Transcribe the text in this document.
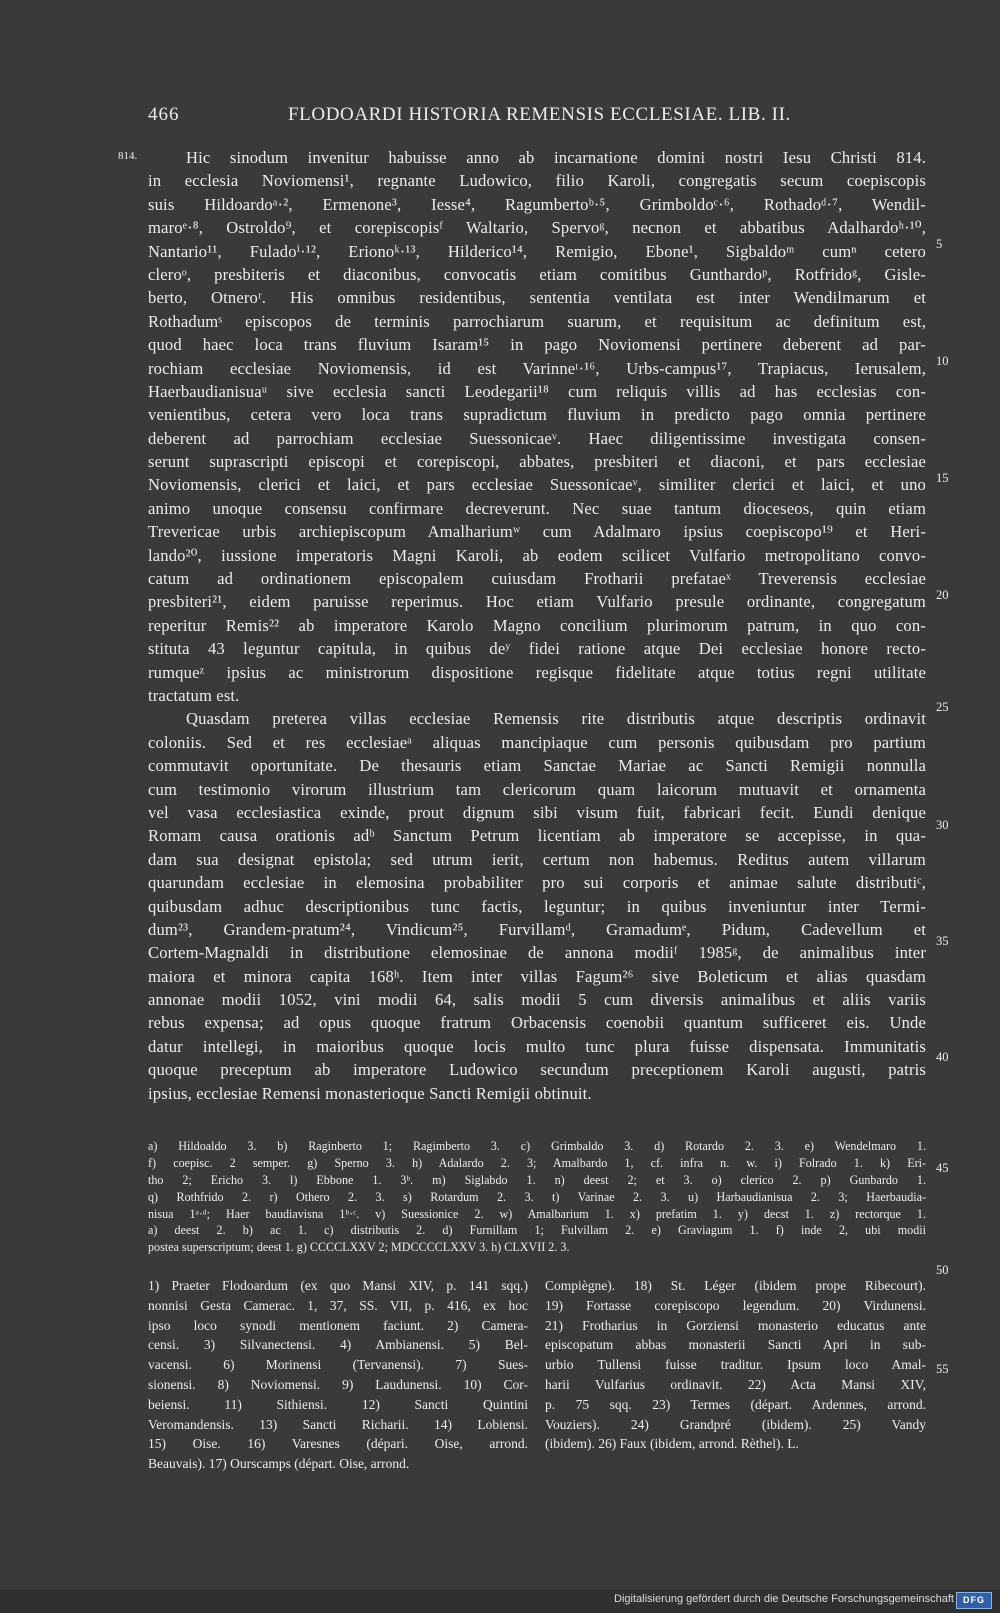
466	FLODOARDI HISTORIA REMENSIS ECCLESIAE. LIB. II.
814.	Hic sinodum invenitur habuisse anno ab incarnatione domini nostri Iesu Christi 814.
in ecclesia Noviomensi¹, regnante Ludowico, filio Karoli, congregatis secum coepiscopis
suis Hildoardoᵃ·², Ermenone³, Iesse⁴, Ragumbertoᵇ·⁵, Grimboldoᶜ·⁶, Rothadoᵈ·⁷, Wendil-
maroᵉ·⁸, Ostroldo⁹, et corepiscopisᶠ Waltario, Spervoᵍ, necnon et abbatibus Adalhardoʰ·¹⁰,
Nantario¹¹, Fuladoⁱ·¹², Erionoᵏ·¹³, Hilderico¹⁴, Remigio, Ebone¹, Sigbaldoᵐ cumⁿ cetero
cleroᵒ, presbiteris et diaconibus, convocatis etiam comitibus Gunthardoᵖ, Rotfridoᵍ, Gisle-
berto, Otneroʳ. His omnibus residentibus, sententia ventilata est inter Wendilmarum et
Rothadumˢ episcopos de terminis parrochiarum suarum, et requisitum ac definitum est,
quod haec loca trans fluvium Isaram¹⁵ in pago Noviomensi pertinere deberent ad par-
rochiam ecclesiae Noviomensis, id est Varinneᵗ·¹⁶, Urbs-campus¹⁷, Trapiacus, Ierusalem,
Haerbaudianisuaᵘ sive ecclesia sancti Leodegarii¹⁸ cum reliquis villis ad has ecclesias con-
venientibus, cetera vero loca trans supradictum fluvium in predicto pago omnia pertinere
deberent ad parrochiam ecclesiae Suessonicaeᵛ. Haec diligentissime investigata consen-
serunt suprascripti episcopi et corepiscopi, abbates, presbiteri et diaconi, et pars ecclesiae
Noviomensis, clerici et laici, et pars ecclesiae Suessonicaeᵛ, similiter clerici et laici, et uno
animo unoque consensu confirmare decreverunt. Nec suae tantum dioceseos, quin etiam
Trevericae urbis archiepiscopum Amalhariumʷ cum Adalmaro ipsius coepiscopo¹⁹ et Heri-
lando²⁰, iussione imperatoris Magni Karoli, ab eodem scilicet Vulfario metropolitano convo-
catum ad ordinationem episcopalem cuiusdam Frotharii prefataeˣ Treverensis ecclesiae
presbiteri²¹, eidem paruisse reperimus. Hoc etiam Vulfario presule ordinante, congregatum
reperitur Remis²² ab imperatore Karolo Magno concilium plurimorum patrum, in quo con-
stituta 43 leguntur capitula, in quibus deʸ fidei ratione atque Dei ecclesiae honore recto-
rumqueᶻ ipsius ac ministrorum dispositione regisque fidelitate atque totius regni utilitate
tractatum est.
Quasdam preterea villas ecclesiae Remensis rite distributis atque descriptis ordinavit
coloniis. Sed et res ecclesiaeᵃ aliquas mancipiaque cum personis quibusdam pro partium
commutavit oportunitate. De thesauris etiam Sanctae Mariae ac Sancti Remigii nonnulla
cum testimonio virorum illustrium tam clericorum quam laicorum mutuavit et ornamenta
vel vasa ecclesiastica exinde, prout dignum sibi visum fuit, fabricari fecit. Eundi denique
Romam causa orationis adᵇ Sanctum Petrum licentiam ab imperatore se accepisse, in qua-
dam sua designat epistola; sed utrum ierit, certum non habemus. Reditus autem villarum
quarundam ecclesiae in elemosina probabiliter pro sui corporis et animae salute distributiᶜ,
quibusdam adhuc descriptionibus tunc factis, leguntur; in quibus inveniuntur inter Termi-
dum²³, Grandem-pratum²⁴, Vindicum²⁵, Furvillamᵈ, Gramadumᵉ, Pidum, Cadevellum et
Cortem-Magnaldi in distributione elemosinae de annona modiiᶠ 1985ᵍ, de animalibus inter
maiora et minora capita 168ʰ. Item inter villas Fagum²⁶ sive Boleticum et alias quasdam
annonae modii 1052, vini modii 64, salis modii 5 cum diversis animalibus et aliis variis
rebus expensa; ad opus quoque fratrum Orbacensis coenobii quantum sufficeret eis. Unde
datur intellegi, in maioribus quoque locis multo tunc plura fuisse dispensata. Immunitatis
quoque preceptum ab imperatore Ludowico secundum preceptionem Karoli augusti, patris
ipsius, ecclesiae Remensi monasterioque Sancti Remigii obtinuit.
5
10
15
20
25
30
35
40
45
50
55
a) Hildoaldo 3. b) Raginberto 1; Ragimberto 3. c) Grimbaldo 3. d) Rotardo 2. 3. e) Wendelmaro 1.
f) coepisc. 2 semper. g) Sperno 3. h) Adalardo 2. 3; Amalbardo 1, cf. infra n. w. i) Folrado 1. k) Eri-
tho 2; Ericho 3. l) Ebbone 1. 3ᵇ. m) Siglabdo 1. n) deest 2; et 3. o) clerico 2. p) Gunbardo 1.
q) Rothfrido 2. r) Othero 2. 3. s) Rotardum 2. 3. t) Varinae 2. 3. u) Harbaudianisua 2. 3; Haerbaudia-
nisua 1ᵃ·ᵈ; Haer baudiavisna 1ᵇ·ᶜ. v) Suessionice 2. w) Amalbarium 1. x) prefatim 1. y) decst 1. z) rectorque 1.
a) deest 2. b) ac 1. c) distributis 2. d) Furnillam 1; Fulvillam 2. e) Graviagum 1. f) inde 2, ubi modii
postea superscriptum; deest 1. g) CCCCLXXV 2; MDCCCCLXXV 3. h) CLXVII 2. 3.
1) Praeter Flodoardum (ex quo Mansi XIV, p. 141 sqq.)
nonnisi Gesta Camerac. 1, 37, SS. VII, p. 416, ex hoc
ipso loco synodi mentionem faciunt. 2) Camera-
censi. 3) Silvanectensi. 4) Ambianensi. 5) Bel-
vacensi. 6) Morinensi (Tervanensi). 7) Sues-
sionensi. 8) Noviomensi. 9) Laudunensi. 10) Cor-
beiensi. 11) Sithiensi. 12) Sancti Quintini
Veromandensis. 13) Sancti Richarii. 14) Lobiensi.
15) Oise. 16) Varesnes (dépari. Oise, arrond.
Beauvais). 17) Ourscamps (départ. Oise, arrond.
Compiègne). 18) St. Léger (ibidem prope Ribecourt).
19) Fortasse corepiscopo legendum. 20) Virdunensi.
21) Frotharius in Gorziensi monasterio educatus ante
episcopatum abbas monasterii Sancti Apri in sub-
urbio Tullensi fuisse traditur. Ipsum loco Amal-
harii Vulfarius ordinavit. 22) Acta Mansi XIV,
p. 75 sqq. 23) Termes (départ. Ardennes, arrond.
Vouziers). 24) Grandpré (ibidem). 25) Vandy
(ibidem). 26) Faux (ibidem, arrond. Rèthel). L.
Digitalisierung gefördert durch die Deutsche Forschungsgemeinschaft	DFG
